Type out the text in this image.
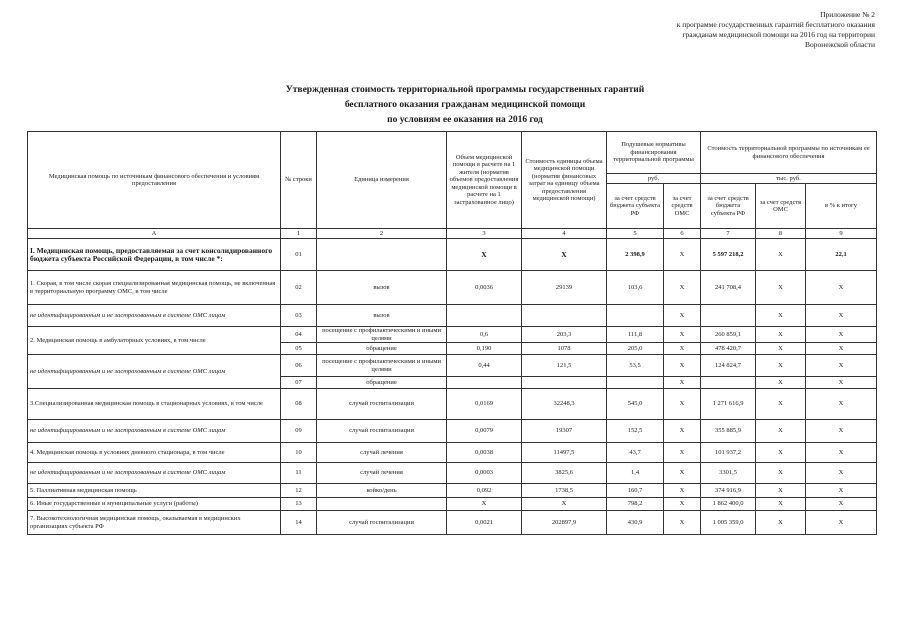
Приложение № 2
к программе государственных гарантий бесплатного оказания
гражданам медицинской помощи на 2016 год на территории
Воронежской области
Утвержденная стоимость территориальной программы государственных гарантий
бесплатного оказания гражданам медицинской помощи
по условиям ее оказания на 2016 год
Медицинская помощь по источникам финансового обеспечения и условиям предоставления	№ строки	Единица измерения	Объем медицинской помощи в расчете на 1 жителя (норматив объемов предоставления медицинской помощи в расчете на 1 застрахованное лицо)	Стоимость единицы объема медицинской помощи (норматив финансовых затрат на единицу объема предоставления медицинской помощи)	Подушевые нормативы финансирования территориальной программы		Стоимость территориальной программы по источникам ее финансового обеспечения		
					руб.		тыс. руб.		
					за счет средств бюджета субъекта РФ	за счет средств ОМС	за счет средств бюджета субъекта РФ	за счет средств ОМС	в % к итогу
А	1	2	3	4	5	6	7	8	9
I. Медицинская помощь, предоставляемая за счет консолидированного бюджета субъекта Российской Федерации, в том числе *:	01		Х	Х	2 398,9	Х	5 597 218,2	Х	22,1
1. Скорая, в том числе скорая специализированная медицинская помощь, не включенная в территориальную программу ОМС, в том числе	02	вызов	0,0036	29139	103,6	Х	241 708,4	Х	Х
не идентифицированным и не застрахованным в системе ОМС лицам	03	вызов				Х		Х	Х
2. Медицинская помощь в амбулаторных условиях, в том числе	04	посещение с профилактическими и иными целями	0,6	203,3	111,8	Х	260 859,1	Х	Х
	05	обращение	0,190	1078	205,0	Х	478 420,7	Х	Х
не идентифицированным и не застрахованным в системе ОМС лицам	06	посещение с профилактическими и иными целями	0,44	121,5	53,5	Х	124 824,7	Х	Х
	07	обращение				Х		Х	Х
3.Специализированная медицинская помощь в стационарных условиях, в том числе	08	случай госпитализации	0,0169	32248,3	545,0	Х	1 271 616,9	Х	Х
не идентифицированным и не застрахованным в системе ОМС лицам	09	случай госпитализации	0,0079	19307	152,5	Х	355 885,9	Х	Х
4. Медицинская помощь в условиях дневного стационара, в том числе	10	случай лечения	0,0038	11497,5	43,7	Х	101 937,2	Х	Х
не идентифицированным и не застрахованным в системе ОМС лицам	11	случай лечения	0,0003	3825,6	1,4	Х	3301,5	Х	Х
5. Паллиативная медицинская помощь	12	койко/день	0,092	1738,5	160,7	Х	374 916,9	Х	Х
6. Иные государственные и муниципальные услуги (работы)	13		Х	Х	798,2	Х	1 862 400,0	Х	Х
7. Высокотехнологичная медицинская помощь, оказываемая в медицинских организациях субъекта РФ	14	случай госпитализации	0,0021	202897,9	430,9	Х	1 005 359,0	Х	Х
